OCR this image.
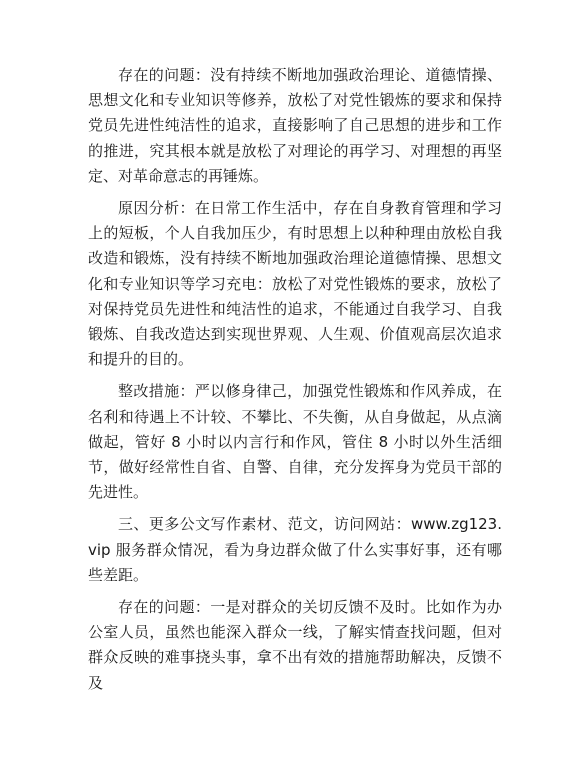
存在的问题：没有持续不断地加强政治理论、道德情操、思想文化和专业知识等修养，放松了对党性锻炼的要求和保持党员先进性纯洁性的追求，直接影响了自己思想的进步和工作的推进，究其根本就是放松了对理论的再学习、对理想的再坚定、对革命意志的再锤炼。

原因分析：在日常工作生活中，存在自身教育管理和学习上的短板，个人自我加压少，有时思想上以种种理由放松自我改造和锻炼，没有持续不断地加强政治理论道德情操、思想文化和专业知识等学习充电：放松了对党性锻炼的要求，放松了对保持党员先进性和纯洁性的追求，不能通过自我学习、自我锻炼、自我改造达到实现世界观、人生观、价值观高层次追求和提升的目的。

整改措施：严以修身律己，加强党性锻炼和作风养成，在名利和待遇上不计较、不攀比、不失衡，从自身做起，从点滴做起，管好 8 小时以内言行和作风，管住 8 小时以外生活细节，做好经常性自省、自警、自律，充分发挥身为党员干部的先进性。

三、更多公文写作素材、范文，访问网站：www.zg123.vip 服务群众情况，看为身边群众做了什么实事好事，还有哪些差距。

存在的问题：一是对群众的关切反馈不及时。比如作为办公室人员，虽然也能深入群众一线，了解实情查找问题，但对群众反映的难事挠头事，拿不出有效的措施帮助解决，反馈不及
